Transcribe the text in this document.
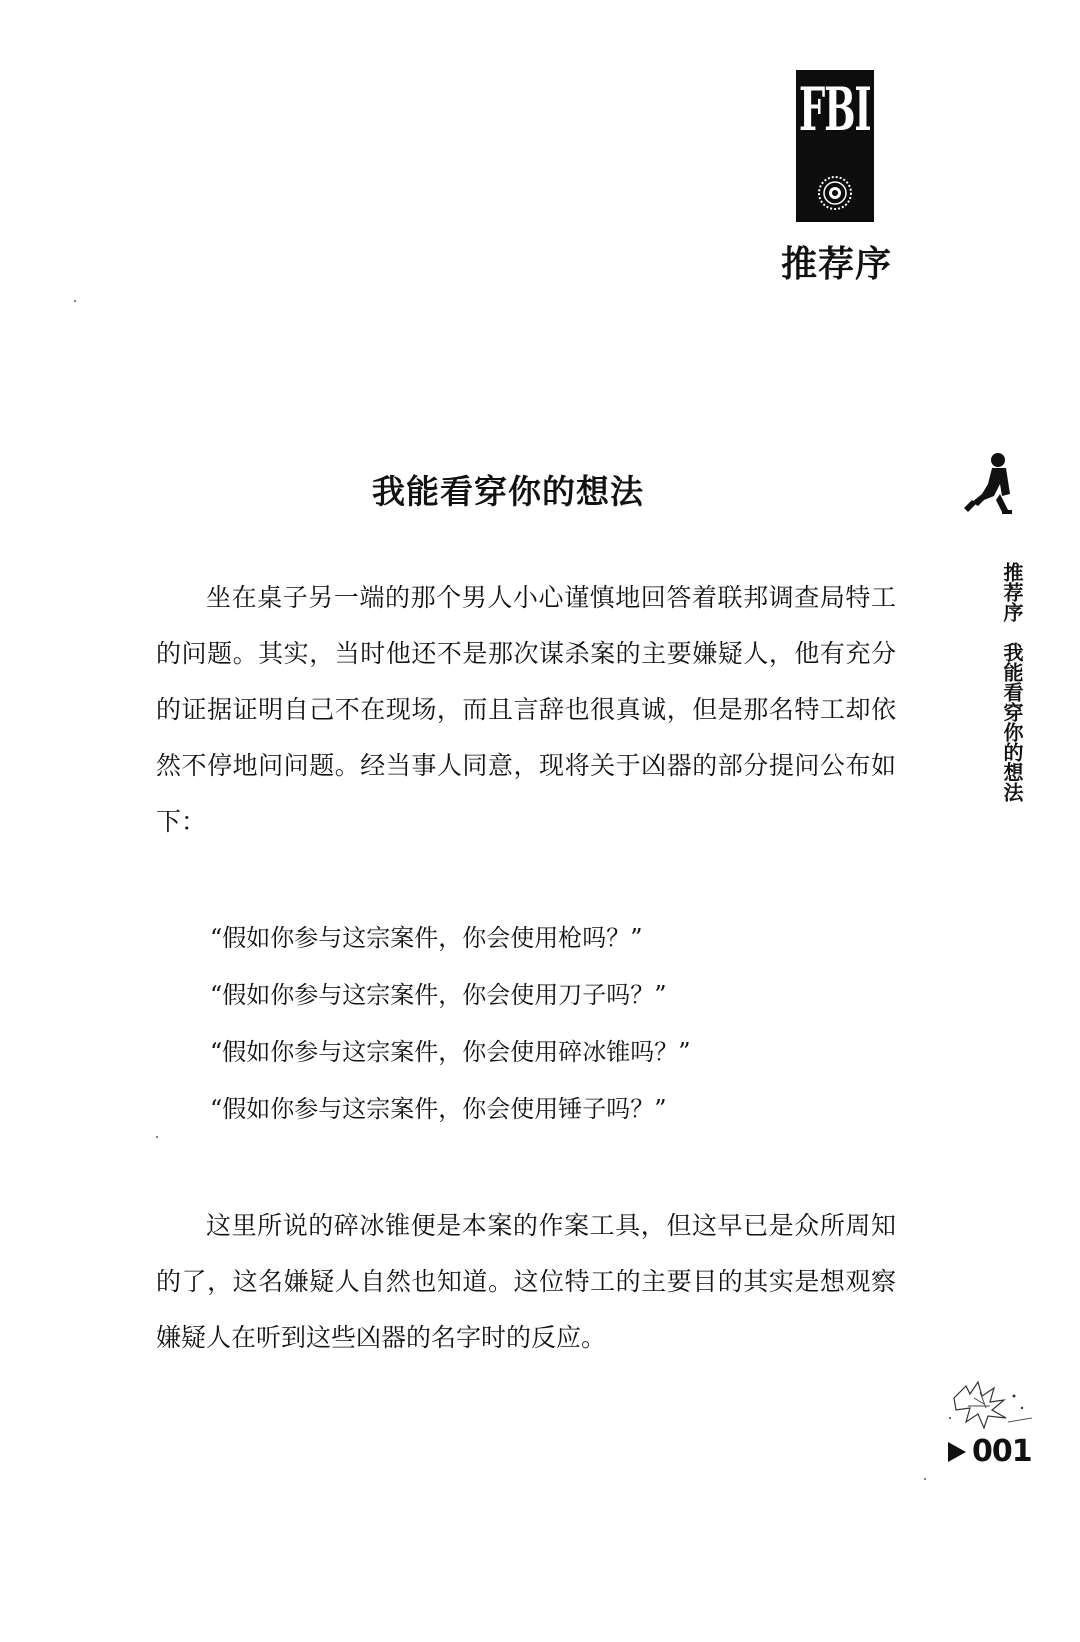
FBI
推荐序
我能看穿你的想法
推荐序　我能看穿你的想法

坐在桌子另一端的那个男人小心谨慎地回答着联邦调查局特工的问题。其实，当时他还不是那次谋杀案的主要嫌疑人，他有充分的证据证明自己不在现场，而且言辞也很真诚，但是那名特工却依然不停地问问题。经当事人同意，现将关于凶器的部分提问公布如下：

“假如你参与这宗案件，你会使用枪吗？”
“假如你参与这宗案件，你会使用刀子吗？”
“假如你参与这宗案件，你会使用碎冰锥吗？”
“假如你参与这宗案件，你会使用锤子吗？”

这里所说的碎冰锥便是本案的作案工具，但这早已是众所周知的了，这名嫌疑人自然也知道。这位特工的主要目的其实是想观察嫌疑人在听到这些凶器的名字时的反应。

001
